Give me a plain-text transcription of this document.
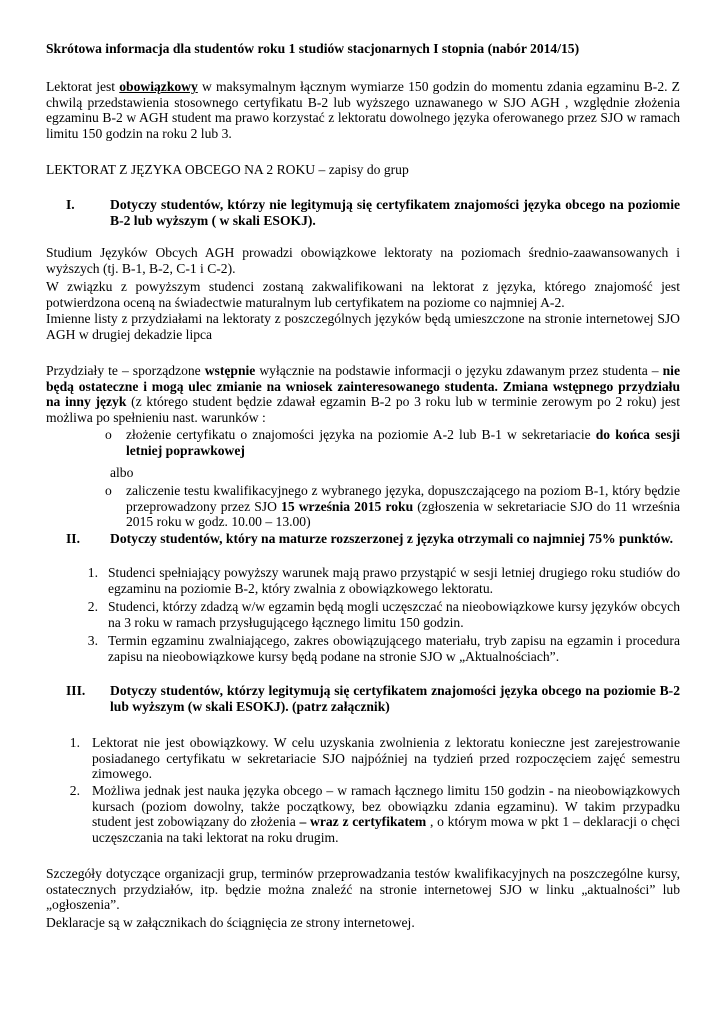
Skrótowa informacja dla studentów roku 1 studiów stacjonarnych I stopnia (nabór 2014/15)

Lektorat jest obowiązkowy w maksymalnym łącznym wymiarze 150 godzin do momentu zdania egzaminu B-2. Z chwilą przedstawienia stosownego certyfikatu B-2 lub wyższego uznawanego w SJO AGH , względnie złożenia egzaminu B-2 w AGH student ma prawo korzystać z lektoratu dowolnego języka oferowanego przez SJO w ramach limitu 150 godzin na roku 2 lub 3.

LEKTORAT Z JĘZYKA OBCEGO NA 2 ROKU – zapisy do grup

I.	Dotyczy studentów, którzy nie legitymują się certyfikatem znajomości języka obcego na poziomie B-2 lub wyższym ( w skali ESOKJ).

Studium Języków Obcych AGH prowadzi obowiązkowe lektoraty na poziomach średnio-zaawansowanych i wyższych (tj. B-1, B-2, C-1 i C-2).

W związku z powyższym studenci zostaną zakwalifikowani na lektorat z języka, którego znajomość jest potwierdzona oceną na świadectwie maturalnym lub certyfikatem na poziome co najmniej A-2.

Imienne listy z przydziałami na lektoraty z poszczególnych języków będą umieszczone na stronie internetowej SJO AGH w drugiej dekadzie lipca

Przydziały te – sporządzone wstępnie wyłącznie na podstawie informacji o języku zdawanym przez studenta – nie będą ostateczne i mogą ulec zmianie na wniosek zainteresowanego studenta. Zmiana wstępnego przydziału na inny język (z którego student będzie zdawał egzamin B-2 po 3 roku lub w terminie zerowym po 2 roku) jest możliwa po spełnieniu nast. warunków :

o złożenie certyfikatu o znajomości języka na poziomie A-2 lub B-1 w sekretariacie do końca sesji letniej poprawkowej

albo

o zaliczenie testu kwalifikacyjnego z wybranego języka, dopuszczającego na poziom B-1, który będzie przeprowadzony przez SJO 15 września 2015 roku (zgłoszenia w sekretariacie SJO do 11 września 2015 roku w godz. 10.00 – 13.00)

II. Dotyczy studentów, który na maturze rozszerzonej z języka otrzymali co najmniej 75% punktów.

1. Studenci spełniający powyższy warunek mają prawo przystąpić w sesji letniej drugiego roku studiów do egzaminu na poziomie B-2, który zwalnia z obowiązkowego lektoratu.

2. Studenci, którzy zdadzą w/w egzamin będą mogli uczęszczać na nieobowiązkowe kursy języków obcych na 3 roku w ramach przysługującego łącznego limitu 150 godzin.

3. Termin egzaminu zwalniającego, zakres obowiązującego materiału, tryb zapisu na egzamin i procedura zapisu na nieobowiązkowe kursy będą podane na stronie SJO w „Aktualnościach”.

III. Dotyczy studentów, którzy legitymują się certyfikatem znajomości języka obcego na poziomie B-2 lub wyższym (w skali ESOKJ). (patrz załącznik)

1. Lektorat nie jest obowiązkowy. W celu uzyskania zwolnienia z lektoratu konieczne jest zarejestrowanie posiadanego certyfikatu w sekretariacie SJO najpóźniej na tydzień przed rozpoczęciem zajęć semestru zimowego.

2. Możliwa jednak jest nauka języka obcego – w ramach łącznego limitu 150 godzin - na nieobowiązkowych kursach (poziom dowolny, także początkowy, bez obowiązku zdania egzaminu). W takim przypadku student jest zobowiązany do złożenia – wraz z certyfikatem , o którym mowa w pkt 1 – deklaracji o chęci uczęszczania na taki lektorat na roku drugim.

Szczegóły dotyczące organizacji grup, terminów przeprowadzania testów kwalifikacyjnych na poszczególne kursy, ostatecznych przydziałów, itp. będzie można znaleźć na stronie internetowej SJO w linku „aktualności” lub „ogłoszenia”.

Deklaracje są w załącznikach do ściągnięcia ze strony internetowej.
